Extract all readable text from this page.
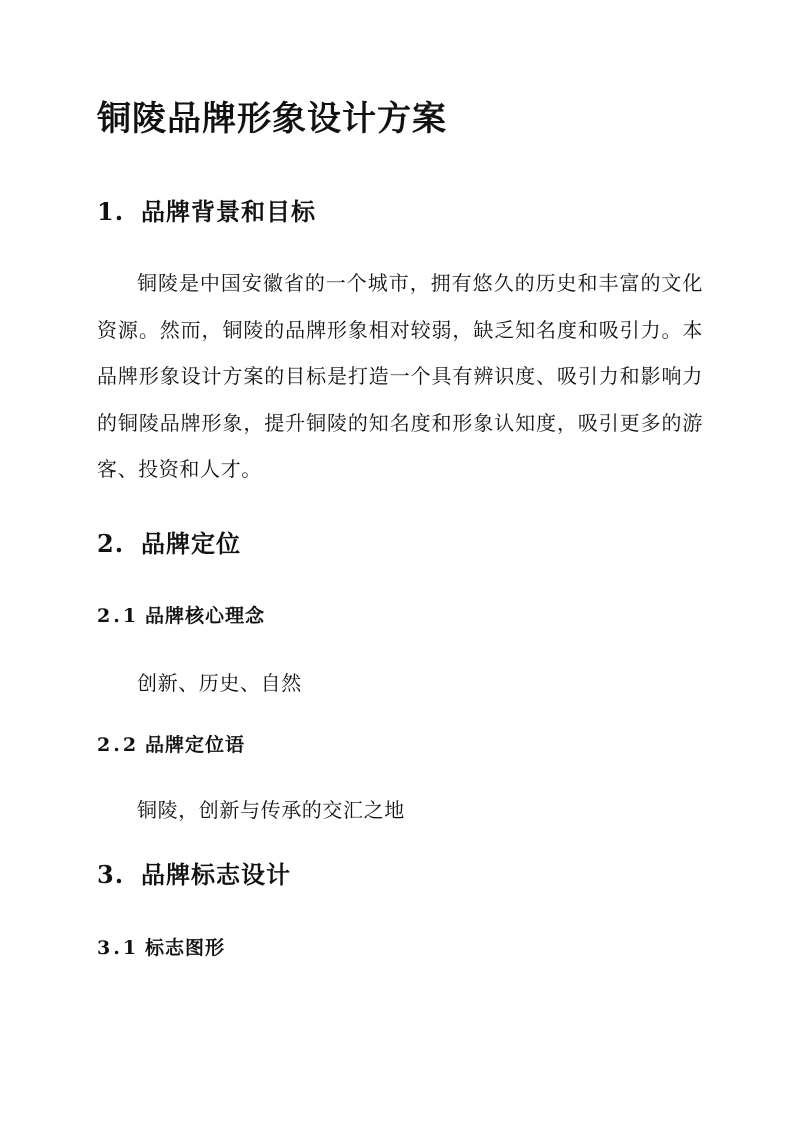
铜陵品牌形象设计方案
1. 品牌背景和目标

铜陵是中国安徽省的一个城市，拥有悠久的历史和丰富的文化资源。然而，铜陵的品牌形象相对较弱，缺乏知名度和吸引力。本品牌形象设计方案的目标是打造一个具有辨识度、吸引力和影响力的铜陵品牌形象，提升铜陵的知名度和形象认知度，吸引更多的游客、投资和人才。

2. 品牌定位
2.1 品牌核心理念

创新、历史、自然

2.2 品牌定位语

铜陵，创新与传承的交汇之地

3. 品牌标志设计
3.1 标志图形
